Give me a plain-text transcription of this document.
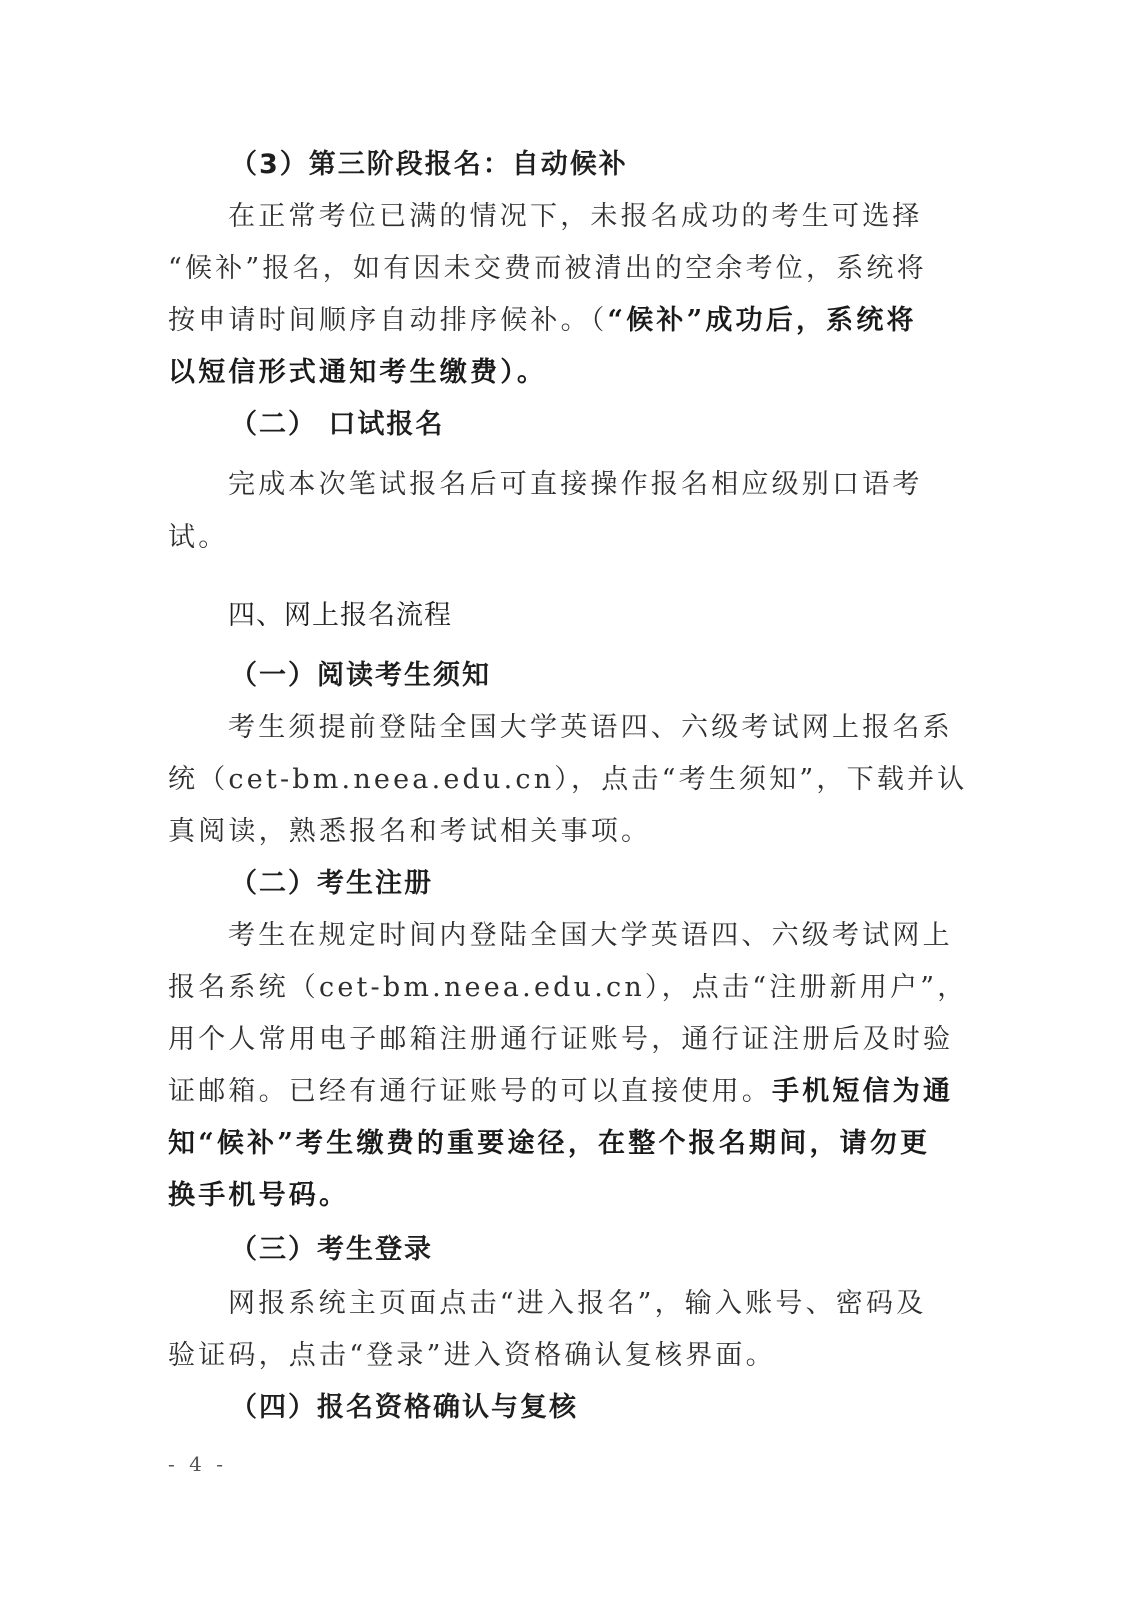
（3）第三阶段报名：自动候补
在正常考位已满的情况下，未报名成功的考生可选择
“候补”报名，如有因未交费而被清出的空余考位，系统将
按申请时间顺序自动排序候补。（“候补”成功后，系统将
以短信形式通知考生缴费）。
（二） 口试报名
完成本次笔试报名后可直接操作报名相应级别口语考
试。
四、网上报名流程
（一）阅读考生须知
考生须提前登陆全国大学英语四、六级考试网上报名系
统（cet-bm.neea.edu.cn），点击“考生须知”，下载并认
真阅读，熟悉报名和考试相关事项。
（二）考生注册
考生在规定时间内登陆全国大学英语四、六级考试网上
报名系统（cet-bm.neea.edu.cn），点击“注册新用户”，
用个人常用电子邮箱注册通行证账号，通行证注册后及时验
证邮箱。已经有通行证账号的可以直接使用。手机短信为通
知“候补”考生缴费的重要途径，在整个报名期间，请勿更
换手机号码。
（三）考生登录
网报系统主页面点击“进入报名”，输入账号、密码及
验证码，点击“登录”进入资格确认复核界面。
（四）报名资格确认与复核
- 4 -
